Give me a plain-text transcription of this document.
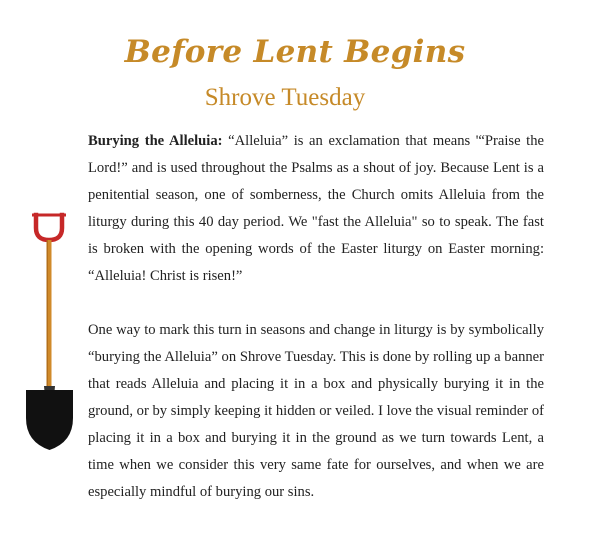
Before Lent Begins
Shrove Tuesday

Burying the Alleluia: “Alleluia” is an exclamation that means '“Praise the Lord!” and is used throughout the Psalms as a shout of joy. Because Lent is a penitential season, one of somberness, the Church omits Alleluia from the liturgy during this 40 day period. We "fast the Alleluia" so to speak. The fast is broken with the opening words of the Easter liturgy on Easter morning: “Alleluia! Christ is risen!”

One way to mark this turn in seasons and change in liturgy is by symbolically “burying the Alleluia” on Shrove Tuesday. This is done by rolling up a banner that reads Alleluia and placing it in a box and physically burying it in the ground, or by simply keeping it hidden or veiled. I love the visual reminder of placing it in a box and burying it in the ground as we turn towards Lent, a time when we consider this very same fate for ourselves, and when we are especially mindful of burying our sins.
